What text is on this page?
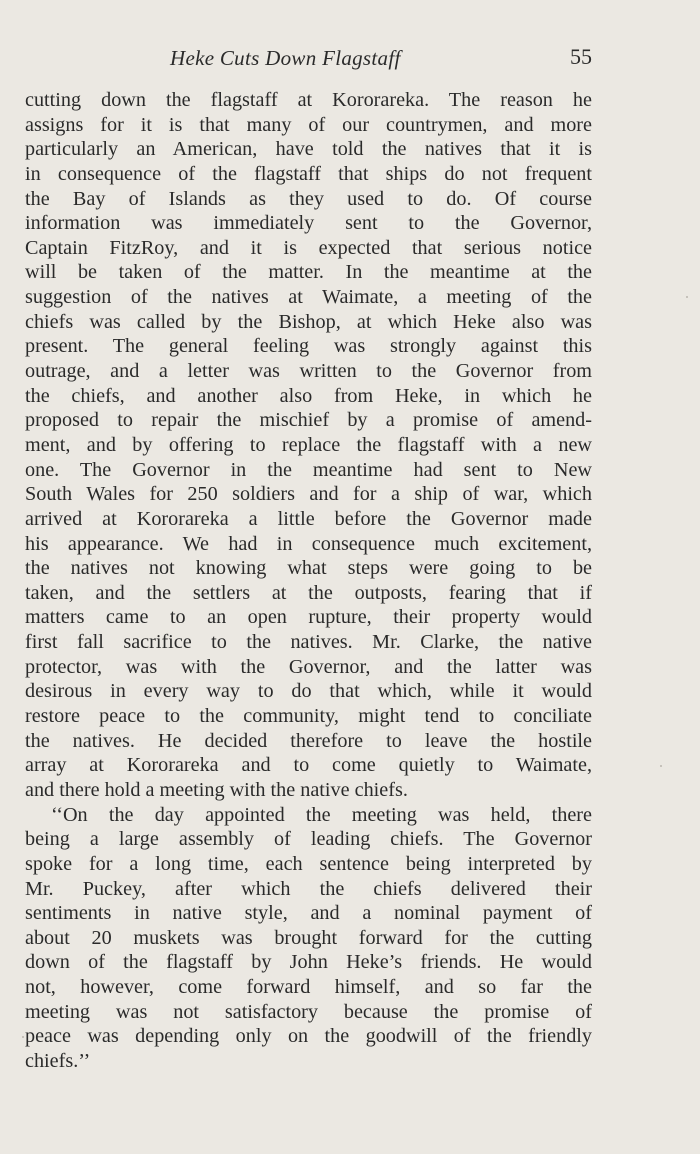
Heke Cuts Down Flagstaff	55
cutting down the flagstaff at Kororareka. The reason he
assigns for it is that many of our countrymen, and more
particularly an American, have told the natives that it is
in consequence of the flagstaff that ships do not frequent
the Bay of Islands as they used to do. Of course
information was immediately sent to the Governor,
Captain FitzRoy, and it is expected that serious notice
will be taken of the matter. In the meantime at the
suggestion of the natives at Waimate, a meeting of the
chiefs was called by the Bishop, at which Heke also was
present. The general feeling was strongly against this
outrage, and a letter was written to the Governor from
the chiefs, and another also from Heke, in which he
proposed to repair the mischief by a promise of amend-
ment, and by offering to replace the flagstaff with a new
one. The Governor in the meantime had sent to New
South Wales for 250 soldiers and for a ship of war, which
arrived at Kororareka a little before the Governor made
his appearance. We had in consequence much excitement,
the natives not knowing what steps were going to be
taken, and the settlers at the outposts, fearing that if
matters came to an open rupture, their property would
first fall sacrifice to the natives. Mr. Clarke, the native
protector, was with the Governor, and the latter was
desirous in every way to do that which, while it would
restore peace to the community, might tend to conciliate
the natives. He decided therefore to leave the hostile
array at Kororareka and to come quietly to Waimate,
and there hold a meeting with the native chiefs.
‘‘On the day appointed the meeting was held, there
being a large assembly of leading chiefs. The Governor
spoke for a long time, each sentence being interpreted by
Mr. Puckey, after which the chiefs delivered their
sentiments in native style, and a nominal payment of
about 20 muskets was brought forward for the cutting
down of the flagstaff by John Heke’s friends. He would
not, however, come forward himself, and so far the
meeting was not satisfactory because the promise of
peace was depending only on the goodwill of the friendly
chiefs.’’
